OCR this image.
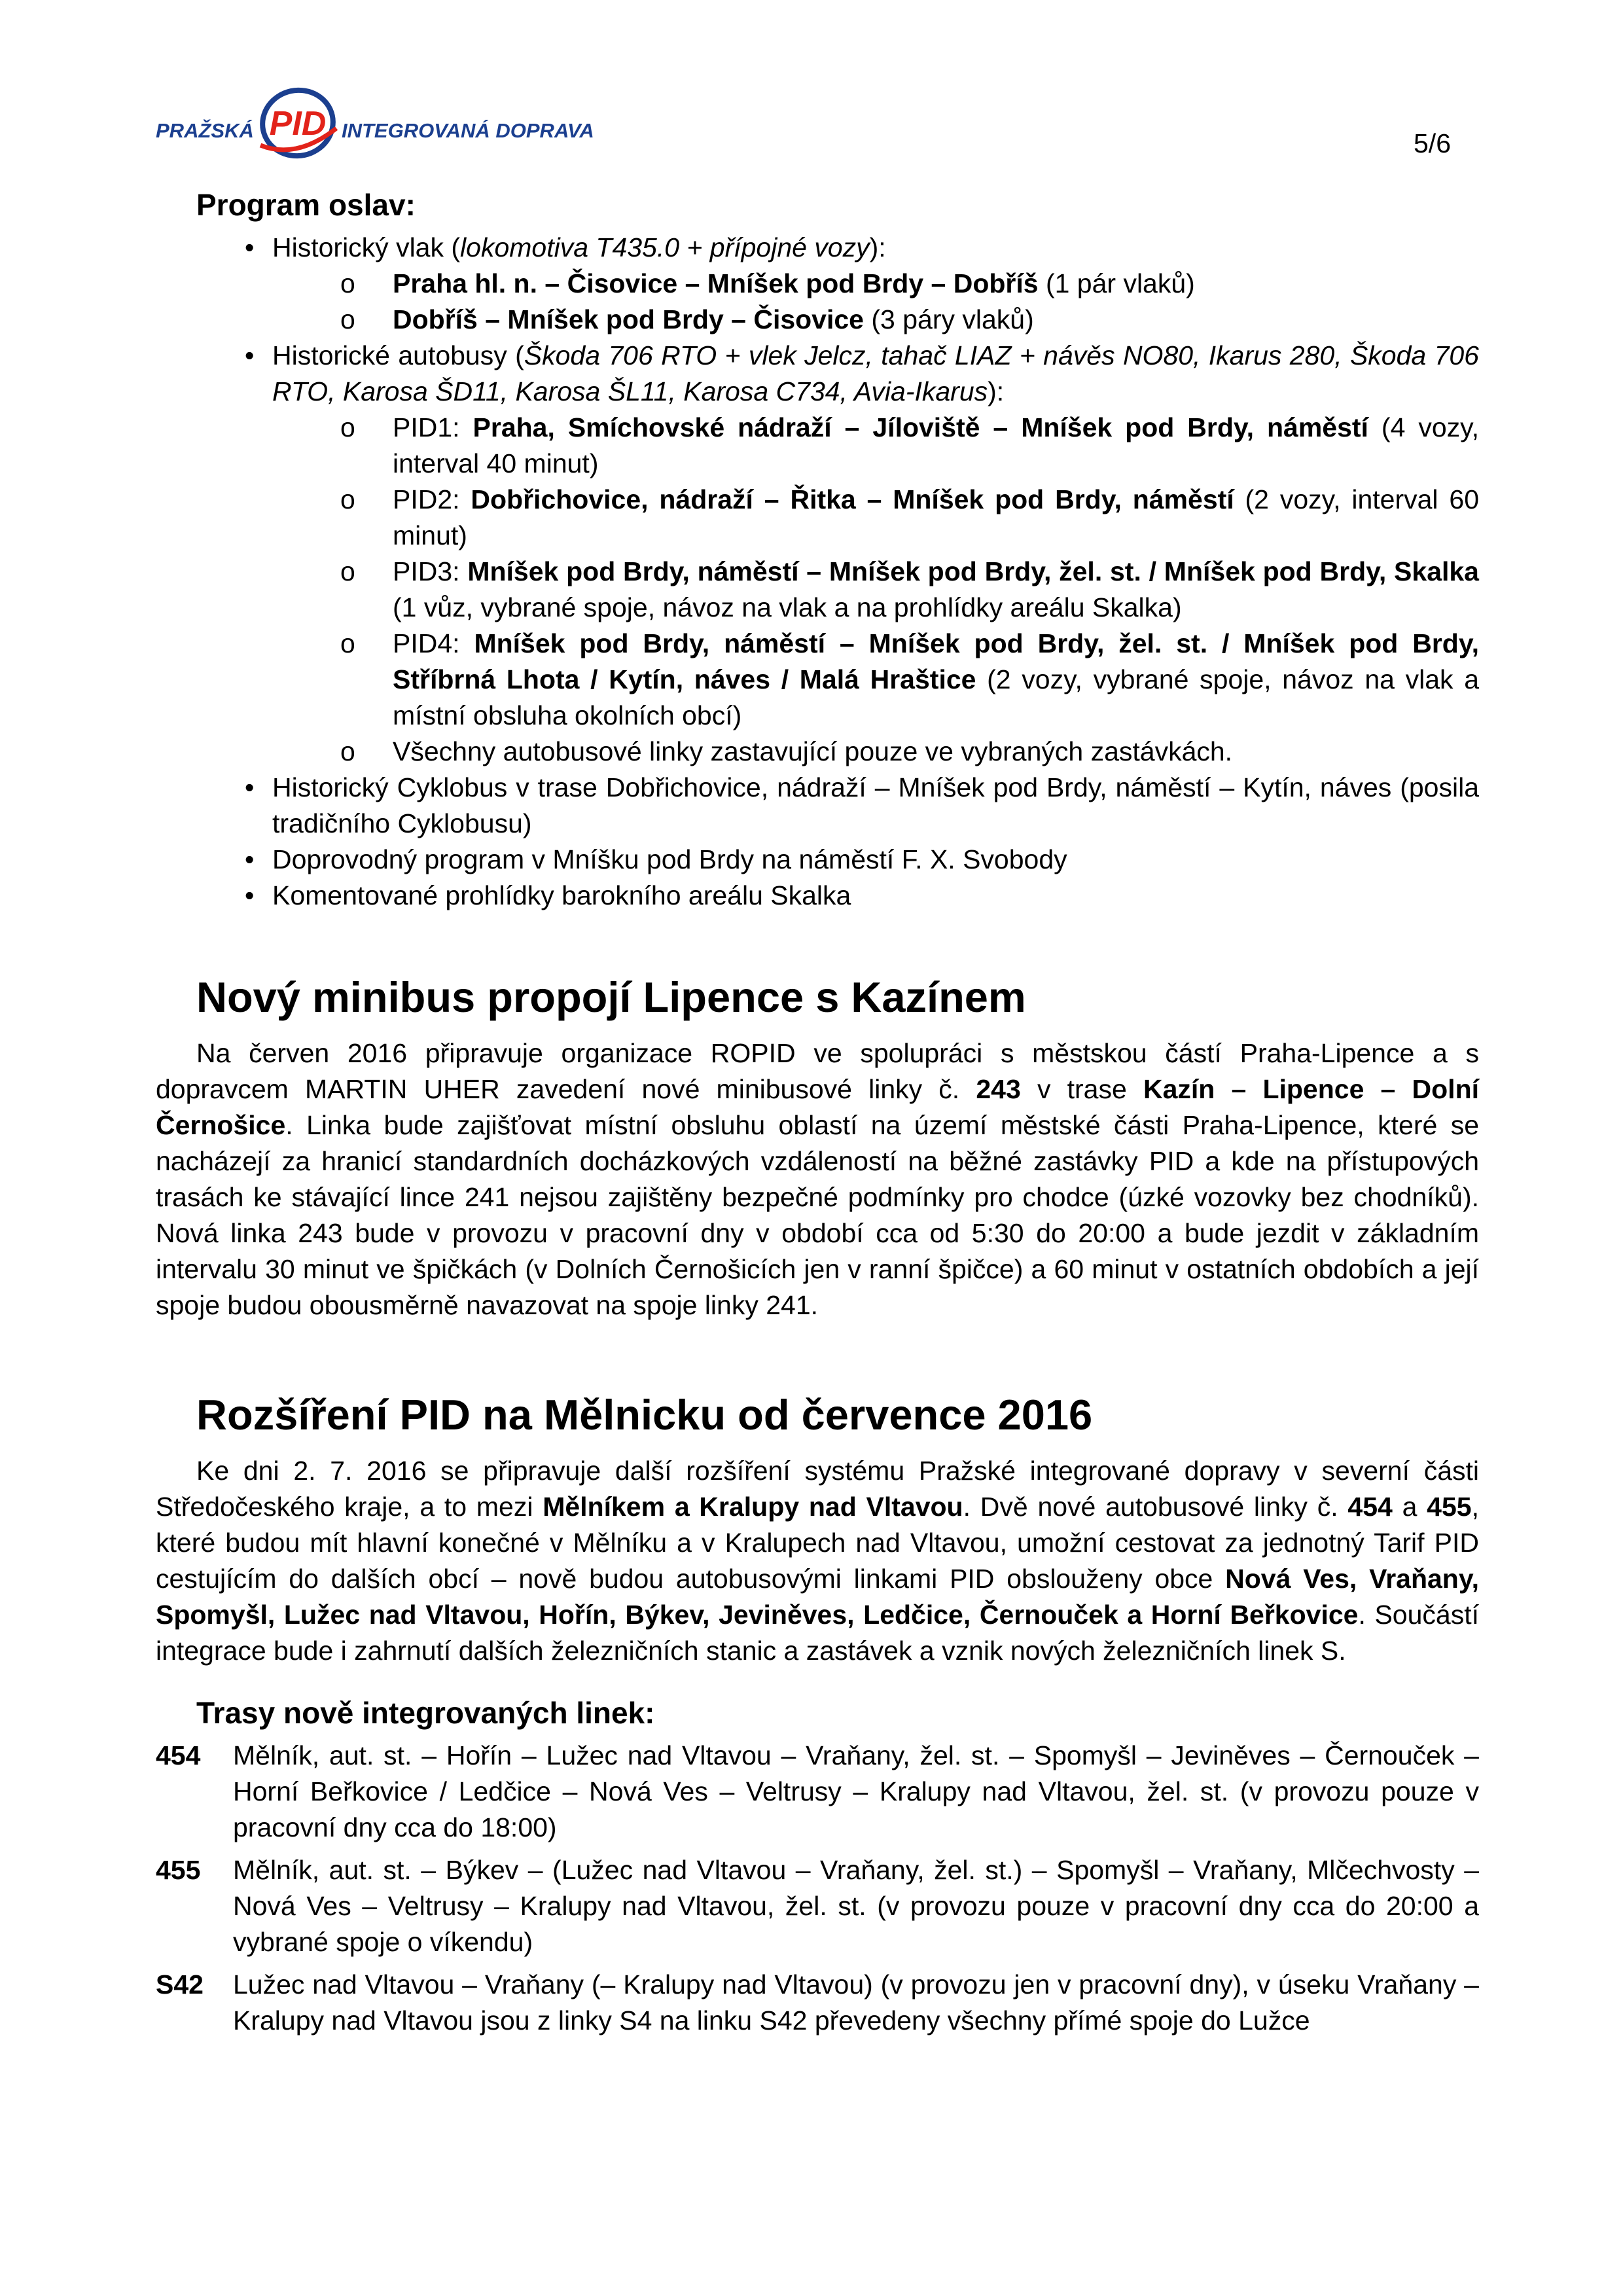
PRAŽSKÁ PID INTEGROVANÁ DOPRAVA	5/6
Program oslav:
• Historický vlak (lokomotiva T435.0 + přípojné vozy):
o Praha hl. n. – Čisovice – Mníšek pod Brdy – Dobříš (1 pár vlaků)
o Dobříš – Mníšek pod Brdy – Čisovice (3 páry vlaků)
• Historické autobusy (Škoda 706 RTO + vlek Jelcz, tahač LIAZ + návěs NO80, Ikarus 280, Škoda 706 RTO, Karosa ŠD11, Karosa ŠL11, Karosa C734, Avia-Ikarus):
o PID1: Praha, Smíchovské nádraží – Jíloviště – Mníšek pod Brdy, náměstí (4 vozy, interval 40 minut)
o PID2: Dobřichovice, nádraží – Řitka – Mníšek pod Brdy, náměstí (2 vozy, interval 60 minut)
o PID3: Mníšek pod Brdy, náměstí – Mníšek pod Brdy, žel. st. / Mníšek pod Brdy, Skalka (1 vůz, vybrané spoje, návoz na vlak a na prohlídky areálu Skalka)
o PID4: Mníšek pod Brdy, náměstí – Mníšek pod Brdy, žel. st. / Mníšek pod Brdy, Stříbrná Lhota / Kytín, náves / Malá Hraštice (2 vozy, vybrané spoje, návoz na vlak a místní obsluha okolních obcí)
o Všechny autobusové linky zastavující pouze ve vybraných zastávkách.
• Historický Cyklobus v trase Dobřichovice, nádraží – Mníšek pod Brdy, náměstí – Kytín, náves (posila tradičního Cyklobusu)
• Doprovodný program v Mníšku pod Brdy na náměstí F. X. Svobody
• Komentované prohlídky barokního areálu Skalka
Nový minibus propojí Lipence s Kazínem

Na červen 2016 připravuje organizace ROPID ve spolupráci s městskou částí Praha-Lipence a s dopravcem MARTIN UHER zavedení nové minibusové linky č. 243 v trase Kazín – Lipence – Dolní Černošice. Linka bude zajišťovat místní obsluhu oblastí na území městské části Praha-Lipence, které se nacházejí za hranicí standardních docházkových vzdáleností na běžné zastávky PID a kde na přístupových trasách ke stávající lince 241 nejsou zajištěny bezpečné podmínky pro chodce (úzké vozovky bez chodníků). Nová linka 243 bude v provozu v pracovní dny v období cca od 5:30 do 20:00 a bude jezdit v základním intervalu 30 minut ve špičkách (v Dolních Černošicích jen v ranní špičce) a 60 minut v ostatních obdobích a její spoje budou obousměrně navazovat na spoje linky 241.

Rozšíření PID na Mělnicku od července 2016

Ke dni 2. 7. 2016 se připravuje další rozšíření systému Pražské integrované dopravy v severní části Středočeského kraje, a to mezi Mělníkem a Kralupy nad Vltavou. Dvě nové autobusové linky č. 454 a 455, které budou mít hlavní konečné v Mělníku a v Kralupech nad Vltavou, umožní cestovat za jednotný Tarif PID cestujícím do dalších obcí – nově budou autobusovými linkami PID obslouženy obce Nová Ves, Vraňany, Spomyšl, Lužec nad Vltavou, Hořín, Býkev, Jeviněves, Ledčice, Černouček a Horní Beřkovice. Součástí integrace bude i zahrnutí dalších železničních stanic a zastávek a vznik nových železničních linek S.

Trasy nově integrovaných linek:
454 Mělník, aut. st. – Hořín – Lužec nad Vltavou – Vraňany, žel. st. – Spomyšl – Jeviněves – Černouček – Horní Beřkovice / Ledčice – Nová Ves – Veltrusy – Kralupy nad Vltavou, žel. st. (v provozu pouze v pracovní dny cca do 18:00)
455 Mělník, aut. st. – Býkev – (Lužec nad Vltavou – Vraňany, žel. st.) – Spomyšl – Vraňany, Mlčechvosty – Nová Ves – Veltrusy – Kralupy nad Vltavou, žel. st. (v provozu pouze v pracovní dny cca do 20:00 a vybrané spoje o víkendu)
S42 Lužec nad Vltavou – Vraňany (– Kralupy nad Vltavou) (v provozu jen v pracovní dny), v úseku Vraňany – Kralupy nad Vltavou jsou z linky S4 na linku S42 převedeny všechny přímé spoje do Lužce
